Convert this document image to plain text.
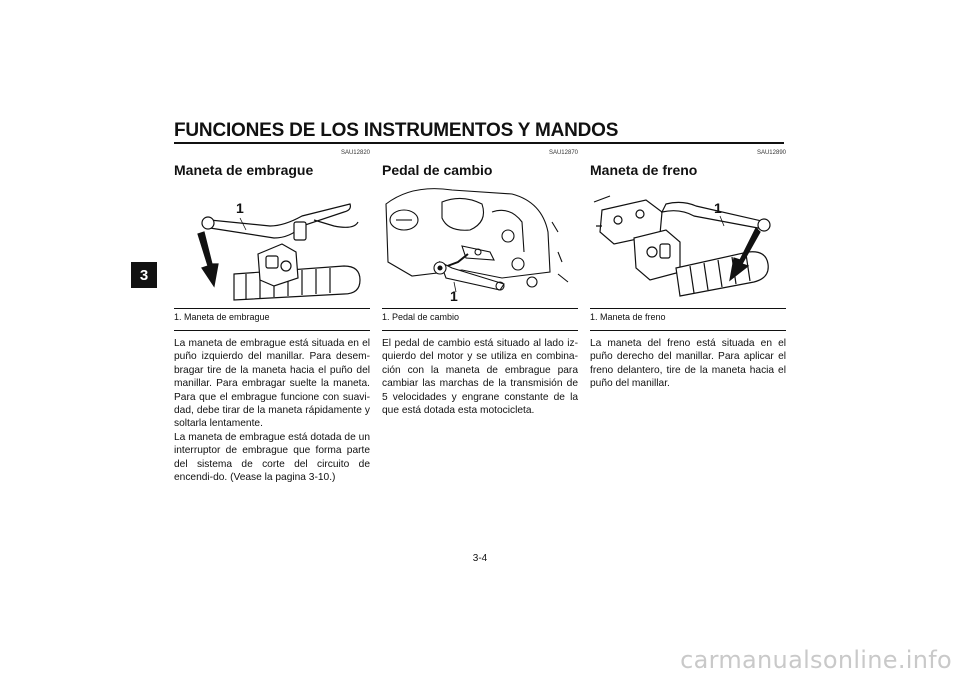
FUNCIONES DE LOS INSTRUMENTOS Y MANDOS
3
SAU12820
Maneta de embrague
1
1. Maneta de embrague

La maneta de embrague está situada en el puño izquierdo del manillar. Para desem-bragar tire de la maneta hacia el puño del manillar. Para embragar suelte la maneta. Para que el embrague funcione con suavi-dad, debe tirar de la maneta rápidamente y soltarla lentamente.

La maneta de embrague está dotada de un interruptor de embrague que forma parte del sistema de corte del circuito de encendi-do. (Vease la pagina 3-10.)

SAU12870
Pedal de cambio
1
1. Pedal de cambio

El pedal de cambio está situado al lado iz-quierdo del motor y se utiliza en combina-ción con la maneta de embrague para cambiar las marchas de la transmisión de 5 velocidades y engrane constante de la que está dotada esta motocicleta.

SAU12890
Maneta de freno
1
1. Maneta de freno

La maneta del freno está situada en el puño derecho del manillar. Para aplicar el freno delantero, tire de la maneta hacia el puño del manillar.

3-4
carmanualsonline.info
